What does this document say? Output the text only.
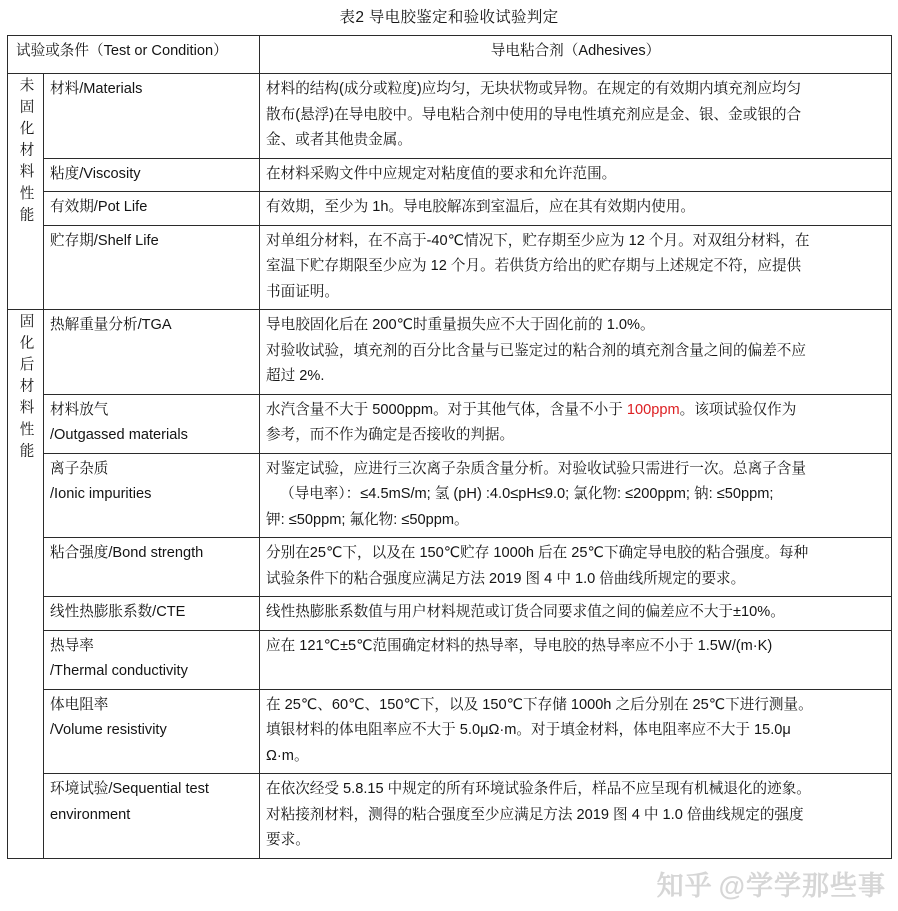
表2 导电胶鉴定和验收试验判定
试验或条件（Test or Condition）		导电粘合剂（Adhesives）

未固化材料性能	材料/Materials	材料的结构(成分或粒度)应均匀，无块状物或异物。在规定的有效期内填充剂应均匀
散布(悬浮)在导电胶中。导电粘合剂中使用的导电性填充剂应是金、银、金或银的合
金、或者其他贵金属。

	粘度/Viscosity	在材料采购文件中应规定对粘度值的要求和允许范围。

	有效期/Pot Life	有效期，至少为 1h。导电胶解冻到室温后，应在其有效期内使用。

	贮存期/Shelf Life	对单组分材料，在不高于-40℃情况下，贮存期至少应为 12 个月。对双组分材料，在
室温下贮存期限至少应为 12 个月。若供货方给出的贮存期与上述规定不符，应提供
书面证明。

固化后材料性能	热解重量分析/TGA	导电胶固化后在 200℃时重量损失应不大于固化前的 1.0%。
对验收试验，填充剂的百分比含量与已鉴定过的粘合剂的填充剂含量之间的偏差不应
超过 2%.

	材料放气
/Outgassed materials	水汽含量不大于 5000ppm。对于其他气体，含量不小于 100ppm。该项试验仅作为
参考，而不作为确定是否接收的判据。

	离子杂质
/Ionic impurities	对鉴定试验，应进行三次离子杂质含量分析。对验收试验只需进行一次。总离子含量
（导电率）：≤4.5mS/m; 氢 (pH) :4.0≤pH≤9.0; 氯化物: ≤200ppm; 钠: ≤50ppm;
钾: ≤50ppm; 氟化物: ≤50ppm。

	粘合强度/Bond strength	分别在25℃下，以及在 150℃贮存 1000h 后在 25℃下确定导电胶的粘合强度。每种
试验条件下的粘合强度应满足方法 2019 图 4 中 1.0 倍曲线所规定的要求。

	线性热膨胀系数/CTE	线性热膨胀系数值与用户材料规范或订货合同要求值之间的偏差应不大于±10%。

	热导率
/Thermal conductivity	应在 121℃±5℃范围确定材料的热导率，导电胶的热导率应不小于 1.5W/(m·K)

	体电阻率
/Volume resistivity	在 25℃、60℃、150℃下，以及 150℃下存储 1000h 之后分别在 25℃下进行测量。
填银材料的体电阻率应不大于 5.0μΩ·m。对于填金材料，体电阻率应不大于 15.0μ
Ω·m。

	环境试验/Sequential test
environment	在依次经受 5.8.15 中规定的所有环境试验条件后，样品不应呈现有机械退化的迹象。
对粘接剂材料，测得的粘合强度至少应满足方法 2019 图 4 中 1.0 倍曲线规定的强度
要求。
知乎 @学学那些事
